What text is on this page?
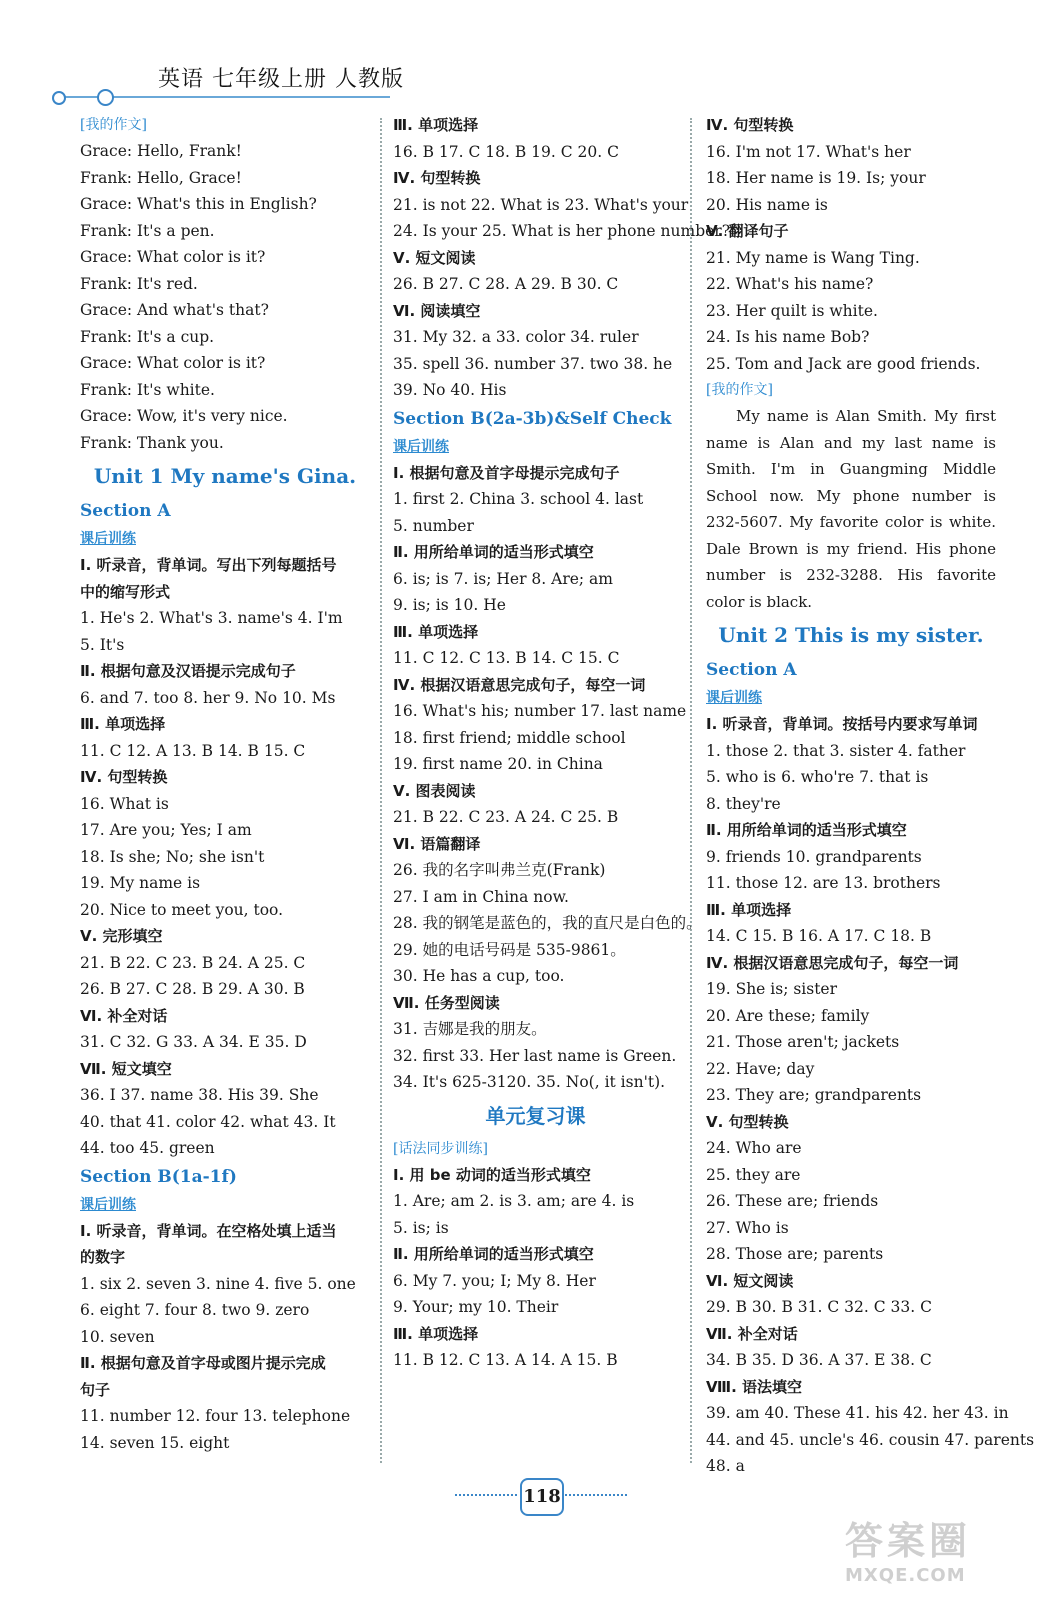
英语 七年级上册 人教版
[我的作文]
Grace: Hello, Frank!
Frank: Hello, Grace!
Grace: What's this in English?
Frank: It's a pen.
Grace: What color is it?
Frank: It's red.
Grace: And what's that?
Frank: It's a cup.
Grace: What color is it?
Frank: It's white.
Grace: Wow, it's very nice.
Frank: Thank you.
Unit 1 My name's Gina.
Section A
课后训练
Ⅰ. 听录音，背单词。写出下列每题括号
中的缩写形式
1. He's 2. What's 3. name's 4. I'm
5. It's
Ⅱ. 根据句意及汉语提示完成句子
6. and 7. too 8. her 9. No 10. Ms
Ⅲ. 单项选择
11. C 12. A 13. B 14. B 15. C
Ⅳ. 句型转换
16. What is
17. Are you; Yes; I am
18. Is she; No; she isn't
19. My name is
20. Nice to meet you, too.
Ⅴ. 完形填空
21. B 22. C 23. B 24. A 25. C
26. B 27. C 28. B 29. A 30. B
Ⅵ. 补全对话
31. C 32. G 33. A 34. E 35. D
Ⅶ. 短文填空
36. I 37. name 38. His 39. She
40. that 41. color 42. what 43. It
44. too 45. green
Section B(1a-1f)
课后训练
Ⅰ. 听录音，背单词。在空格处填上适当
的数字
1. six 2. seven 3. nine 4. five 5. one
6. eight 7. four 8. two 9. zero
10. seven
Ⅱ. 根据句意及首字母或图片提示完成
句子
11. number 12. four 13. telephone
14. seven 15. eight
Ⅲ. 单项选择
16. B 17. C 18. B 19. C 20. C
Ⅳ. 句型转换
21. is not 22. What is 23. What's your
24. Is your 25. What is her phone number?
Ⅴ. 短文阅读
26. B 27. C 28. A 29. B 30. C
Ⅵ. 阅读填空
31. My 32. a 33. color 34. ruler
35. spell 36. number 37. two 38. he
39. No 40. His
Section B(2a-3b)&Self Check
课后训练
Ⅰ. 根据句意及首字母提示完成句子
1. first 2. China 3. school 4. last
5. number
Ⅱ. 用所给单词的适当形式填空
6. is; is 7. is; Her 8. Are; am
9. is; is 10. He
Ⅲ. 单项选择
11. C 12. C 13. B 14. C 15. C
Ⅳ. 根据汉语意思完成句子，每空一词
16. What's his; number 17. last name
18. first friend; middle school
19. first name 20. in China
Ⅴ. 图表阅读
21. B 22. C 23. A 24. C 25. B
Ⅵ. 语篇翻译
26. 我的名字叫弗兰克(Frank)
27. I am in China now.
28. 我的钢笔是蓝色的，我的直尺是白色的。
29. 她的电话号码是 535-9861。
30. He has a cup, too.
Ⅶ. 任务型阅读
31. 吉娜是我的朋友。
32. first 33. Her last name is Green.
34. It's 625-3120. 35. No(, it isn't).
单元复习课
[话法同步训练]
Ⅰ. 用 be 动词的适当形式填空
1. Are; am 2. is 3. am; are 4. is
5. is; is
Ⅱ. 用所给单词的适当形式填空
6. My 7. you; I; My 8. Her
9. Your; my 10. Their
Ⅲ. 单项选择
11. B 12. C 13. A 14. A 15. B
Ⅳ. 句型转换
16. I'm not 17. What's her
18. Her name is 19. Is; your
20. His name is
Ⅴ. 翻译句子
21. My name is Wang Ting.
22. What's his name?
23. Her quilt is white.
24. Is his name Bob?
25. Tom and Jack are good friends.
[我的作文]
My name is Alan Smith. My first name is Alan and my last name is Smith. I'm in Guangming Middle School now. My phone number is 232-5607. My favorite color is white. Dale Brown is my friend. His phone number is 232-3288. His favorite color is black.
Unit 2 This is my sister.
Section A
课后训练
Ⅰ. 听录音，背单词。按括号内要求写单词
1. those 2. that 3. sister 4. father
5. who is 6. who're 7. that is
8. they're
Ⅱ. 用所给单词的适当形式填空
9. friends 10. grandparents
11. those 12. are 13. brothers
Ⅲ. 单项选择
14. C 15. B 16. A 17. C 18. B
Ⅳ. 根据汉语意思完成句子，每空一词
19. She is; sister
20. Are these; family
21. Those aren't; jackets
22. Have; day
23. They are; grandparents
Ⅴ. 句型转换
24. Who are
25. they are
26. These are; friends
27. Who is
28. Those are; parents
Ⅵ. 短文阅读
29. B 30. B 31. C 32. C 33. C
Ⅶ. 补全对话
34. B 35. D 36. A 37. E 38. C
Ⅷ. 语法填空
39. am 40. These 41. his 42. her 43. in
44. and 45. uncle's 46. cousin 47. parents
48. a
118
答案圈
MXQE.COM
